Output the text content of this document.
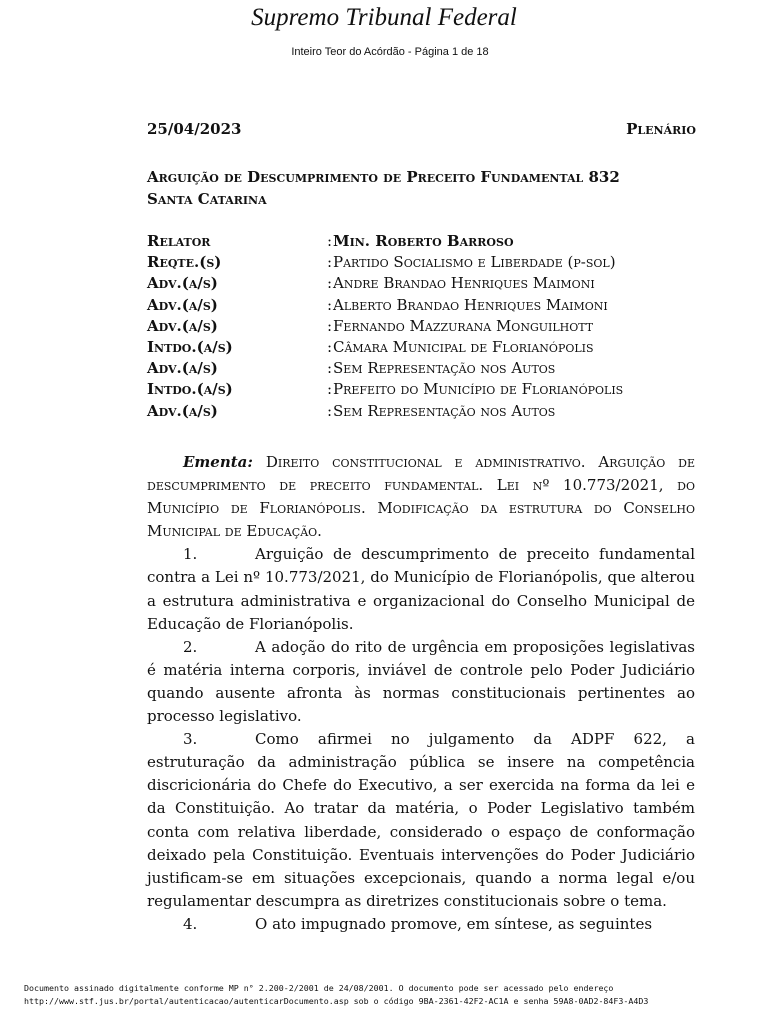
Supremo Tribunal Federal
Inteiro Teor do Acórdão - Página 1 de 18
25/04/2023	Plenário
Arguição de Descumprimento de Preceito Fundamental 832
Santa Catarina
Relator	:Min. Roberto Barroso
Reqte.(s)	:Partido Socialismo e Liberdade (p-sol)
Adv.(a/s)	:Andre Brandao Henriques Maimoni
Adv.(a/s)	:Alberto Brandao Henriques Maimoni
Adv.(a/s)	:Fernando Mazzurana Monguilhott
Intdo.(a/s)	:Câmara Municipal de Florianópolis
Adv.(a/s)	:Sem Representação nos Autos
Intdo.(a/s)	:Prefeito do Município de Florianópolis
Adv.(a/s)	:Sem Representação nos Autos

Ementa: Direito constitucional e administrativo. Arguição de descumprimento de preceito fundamental. Lei nº 10.773/2021, do Município de Florianópolis. Modificação da estrutura do Conselho Municipal de Educação.

1.	Arguição de descumprimento de preceito fundamental contra a Lei nº 10.773/2021, do Município de Florianópolis, que alterou a estrutura administrativa e organizacional do Conselho Municipal de Educação de Florianópolis.

2.	A adoção do rito de urgência em proposições legislativas é matéria interna corporis, inviável de controle pelo Poder Judiciário quando ausente afronta às normas constitucionais pertinentes ao processo legislativo.

3.	Como afirmei no julgamento da ADPF 622, a estruturação da administração pública se insere na competência discricionária do Chefe do Executivo, a ser exercida na forma da lei e da Constituição. Ao tratar da matéria, o Poder Legislativo também conta com relativa liberdade, considerado o espaço de conformação deixado pela Constituição. Eventuais intervenções do Poder Judiciário justificam-se em situações excepcionais, quando a norma legal e/ou regulamentar descumpra as diretrizes constitucionais sobre o tema.

4.	O ato impugnado promove, em síntese, as seguintes

Documento assinado digitalmente conforme MP n° 2.200-2/2001 de 24/08/2001. O documento pode ser acessado pelo endereço
http://www.stf.jus.br/portal/autenticacao/autenticarDocumento.asp sob o código 9BA-2361-42F2-AC1A e senha 59A8-0AD2-84F3-A4D3
